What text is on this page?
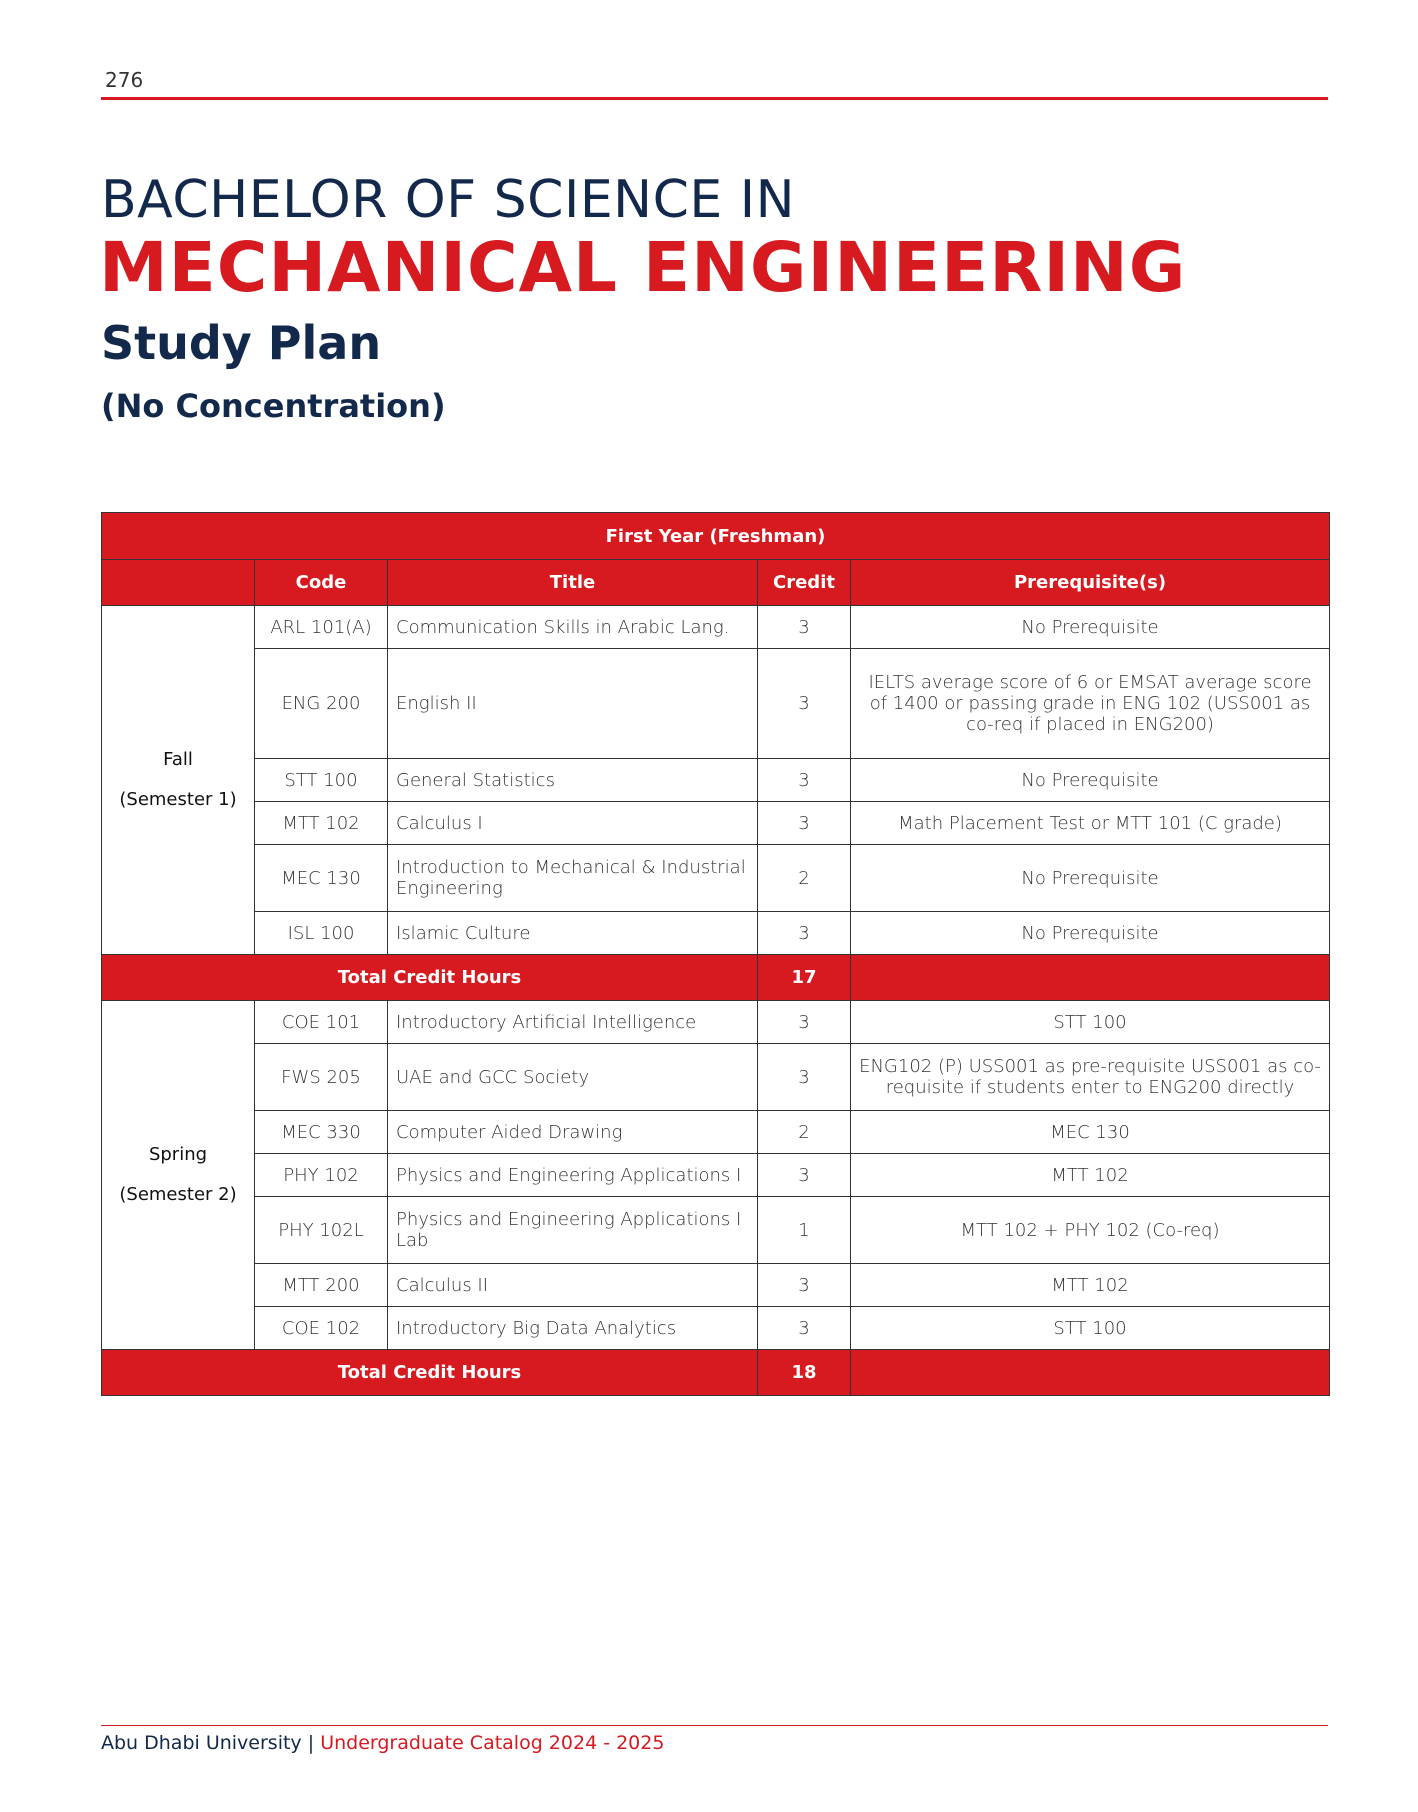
276
BACHELOR OF SCIENCE IN
MECHANICAL ENGINEERING
Study Plan
(No Concentration)
First Year (Freshman)				
	Code	Title	Credit	Prerequisite(s)

Fall
(Semester 1)	ARL 101(A)	Communication Skills in Arabic Lang.	3	No Prerequisite
	ENG 200	English II	3	IELTS average score of 6 or EMSAT average score of 1400 or passing grade in ENG 102 (USS001 as co-req if placed in ENG200)
	STT 100	General Statistics	3	No Prerequisite
	MTT 102	Calculus I	3	Math Placement Test or MTT 101 (C grade)
	MEC 130	Introduction to Mechanical & Industrial Engineering	2	No Prerequisite
	ISL 100	Islamic Culture	3	No Prerequisite
Total Credit Hours			17	

Spring
(Semester 2)	COE 101	Introductory Artificial Intelligence	3	STT 100
	FWS 205	UAE and GCC Society	3	ENG102 (P) USS001 as pre-requisite USS001 as co-requisite if students enter to ENG200 directly
	MEC 330	Computer Aided Drawing	2	MEC 130
	PHY 102	Physics and Engineering Applications I	3	MTT 102
	PHY 102L	Physics and Engineering Applications I Lab	1	MTT 102 + PHY 102 (Co-req)
	MTT 200	Calculus II	3	MTT 102
	COE 102	Introductory Big Data Analytics	3	STT 100
Total Credit Hours			18	
Abu Dhabi University | Undergraduate Catalog 2024 - 2025
